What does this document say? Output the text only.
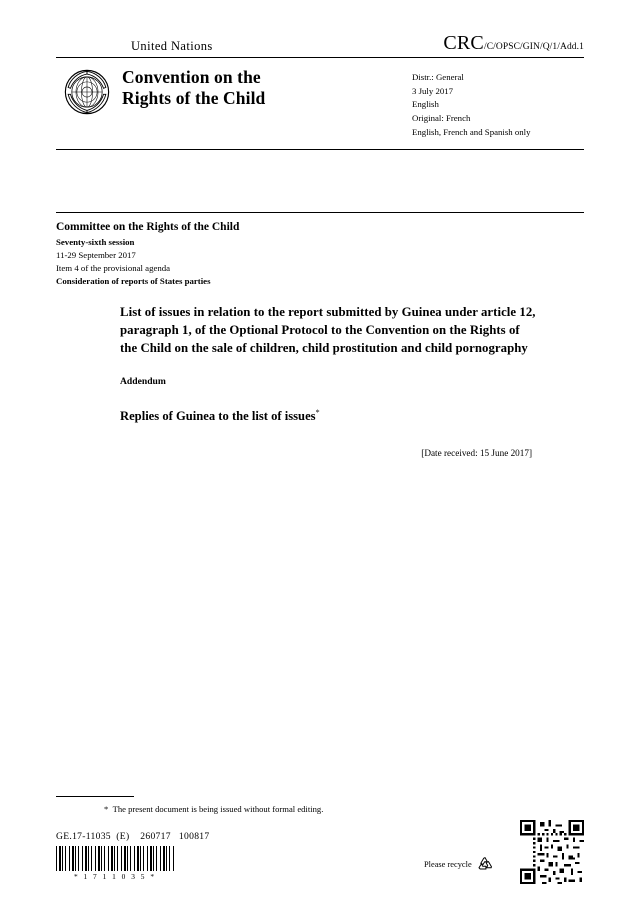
United Nations	CRC/C/OPSC/GIN/Q/1/Add.1
Convention on the
Rights of the Child
Distr.: General
3 July 2017
English
Original: French
English, French and Spanish only
Committee on the Rights of the Child
Seventy-sixth session
11-29 September 2017
Item 4 of the provisional agenda
Consideration of reports of States parties
List of issues in relation to the report submitted by Guinea under article 12, paragraph 1, of the Optional Protocol to the Convention on the Rights of the Child on the sale of children, child prostitution and child pornography
Addendum
Replies of Guinea to the list of issues*
[Date received: 15 June 2017]
* The present document is being issued without formal editing.
GE.17-11035  (E)    260717   100817
* 1 7 1 1 0 3 5 *
Please recycle
